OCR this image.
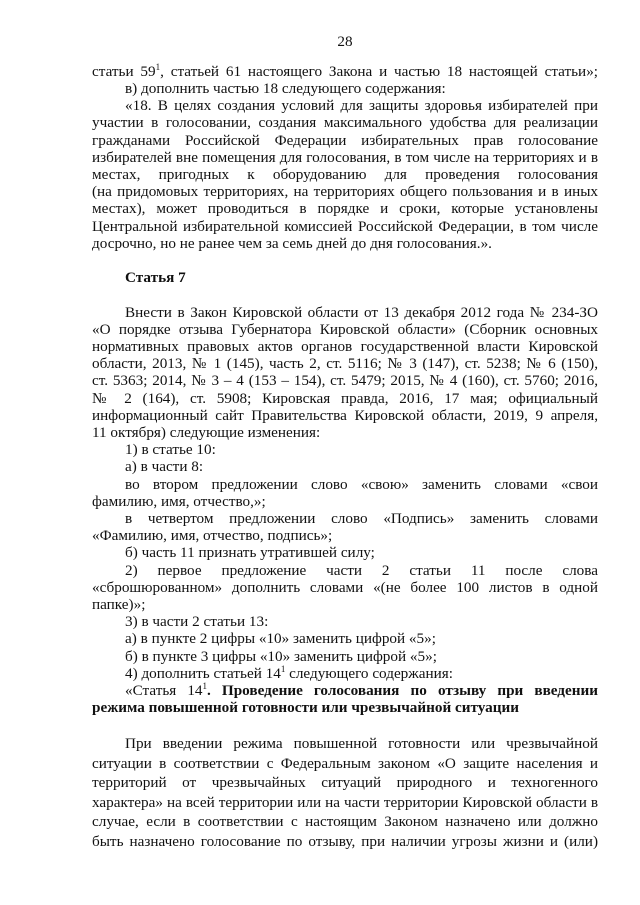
28
статьи $59^1$, статьей 61 настоящего Закона и частью 18 настоящей статьи»;
в) дополнить частью 18 следующего содержания:
«18. В целях создания условий для защиты здоровья избирателей при
участии в голосовании, создания максимального удобства для реализации
гражданами Российской Федерации избирательных прав голосование
избирателей вне помещения для голосования, в том числе на территориях и в
местах, пригодных к оборудованию для проведения голосования
(на придомовых территориях, на территориях общего пользования и в иных
местах), может проводиться в порядке и сроки, которые установлены
Центральной избирательной комиссией Российской Федерации, в том числе
досрочно, но не ранее чем за семь дней до дня голосования.».
Статья 7
Внести в Закон Кировской области от 13 декабря 2012 года № 234-ЗО
«О порядке отзыва Губернатора Кировской области» (Сборник основных
нормативных правовых актов органов государственной власти Кировской
области, 2013, № 1 (145), часть 2, ст. 5116; № 3 (147), ст. 5238; № 6 (150),
ст. 5363; 2014, № 3 – 4 (153 – 154), ст. 5479; 2015, № 4 (160), ст. 5760; 2016,
№ 2 (164), ст. 5908; Кировская правда, 2016, 17 мая; официальный
информационный сайт Правительства Кировской области, 2019, 9 апреля,
11 октября) следующие изменения:
1) в статье 10:
а) в части 8:
во втором предложении слово «свою» заменить словами «свои
фамилию, имя, отчество,»;
в четвертом предложении слово «Подпись» заменить словами
«Фамилию, имя, отчество, подпись»;
б) часть 11 признать утратившей силу;
2) первое предложение части 2 статьи 11 после слова
«сброшюрованном» дополнить словами «(не более 100 листов в одной
папке)»;
3) в части 2 статьи 13:
а) в пункте 2 цифры «10» заменить цифрой «5»;
б) в пункте 3 цифры «10» заменить цифрой «5»;
4) дополнить статьей $14^1$ следующего содержания:
«Статья $14^1$. Проведение голосования по отзыву при введении
режима повышенной готовности или чрезвычайной ситуации
При введении режима повышенной готовности или чрезвычайной
ситуации в соответствии с Федеральным законом «О защите населения и
территорий от чрезвычайных ситуаций природного и техногенного
характера» на всей территории или на части территории Кировской области в
случае, если в соответствии с настоящим Законом назначено или должно
быть назначено голосование по отзыву, при наличии угрозы жизни и (или)
